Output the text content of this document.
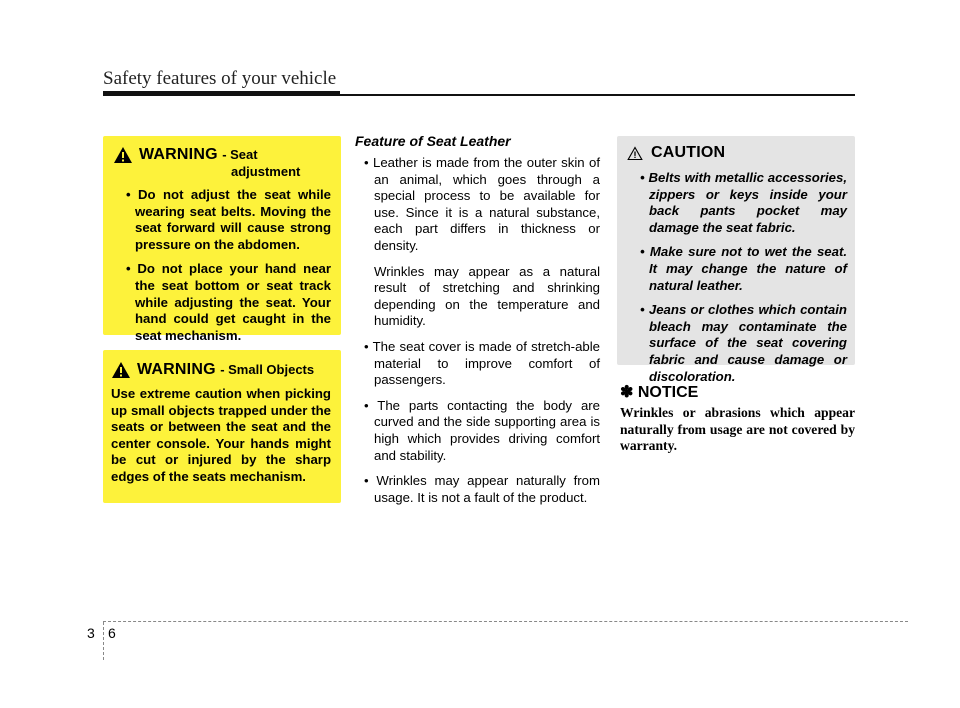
Safety features of your vehicle
WARNING - Seat
adjustment
• Do not adjust the seat while wearing seat belts. Moving the seat forward will cause strong pressure on the abdomen.
• Do not place your hand near the seat bottom or seat track while adjusting the seat. Your hand could get caught in the seat mechanism.
WARNING - Small Objects
Use extreme caution when picking up small objects trapped under the seats or between the seat and the center console. Your hands might be cut or injured by the sharp edges of the seats mechanism.
Feature of Seat Leather
• Leather is made from the outer skin of an animal, which goes through a special process to be available for use. Since it is a natural substance, each part differs in thickness or density.

Wrinkles may appear as a natural result of stretching and shrinking depending on the temperature and humidity.

• The seat cover is made of stretch-able material to improve comfort of passengers.
• The parts contacting the body are curved and the side supporting area is high which provides driving comfort and stability.
• Wrinkles may appear naturally from usage. It is not a fault of the product.
CAUTION
• Belts with metallic accessories, zippers or keys inside your back pants pocket may damage the seat fabric.
• Make sure not to wet the seat. It may change the nature of natural leather.
• Jeans or clothes which contain bleach may contaminate the surface of the seat covering fabric and cause damage or discoloration.
✽ NOTICE
Wrinkles or abrasions which appear naturally from usage are not covered by warranty.
3 6
